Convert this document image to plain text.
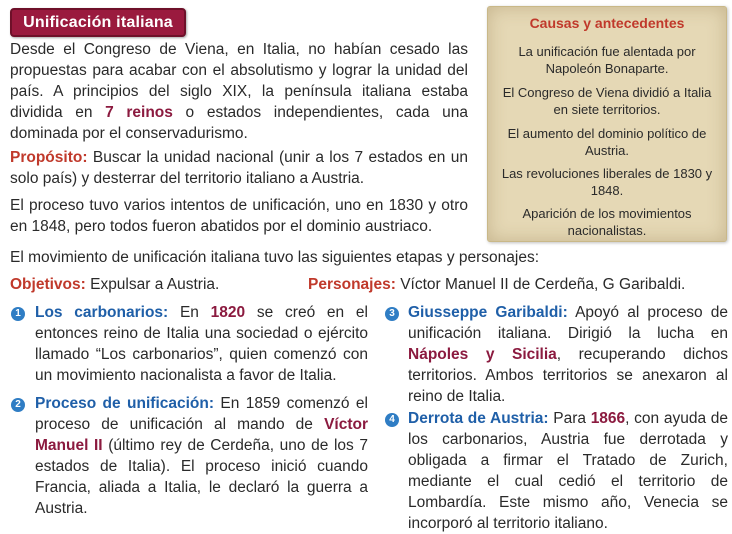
Unificación italiana
Desde el Congreso de Viena, en Italia, no habían cesado las propuestas para acabar con el absolutismo y lograr la unidad del país. A principios del siglo XIX, la península italiana estaba dividida en 7 reinos o estados independientes, cada una dominada por el conservadurismo.
Propósito: Buscar la unidad nacional (unir a los 7 estados en un solo país) y desterrar del territorio italiano a Austria.
El proceso tuvo varios intentos de unificación, uno en 1830 y otro en 1848, pero todos fueron abatidos por el dominio austriaco.
Causas y antecedentes
La unificación fue alentada por Napoleón Bonaparte.
El Congreso de Viena dividió a Italia en siete territorios.
El aumento del dominio político de Austria.
Las revoluciones liberales de 1830 y 1848.
Aparición de los movimientos nacionalistas.
El movimiento de unificación italiana tuvo las siguientes etapas y personajes:
Objetivos: Expulsar a Austria.	Personajes: Víctor Manuel II de Cerdeña, G Garibaldi.
1 Los carbonarios: En 1820 se creó en el entonces reino de Italia una sociedad o ejército llamado “Los carbonarios”, quien comenzó con un movimiento nacionalista a favor de Italia.
2 Proceso de unificación: En 1859 comenzó el proceso de unificación al mando de Víctor Manuel II (último rey de Cerdeña, uno de los 7 estados de Italia). El proceso inició cuando Francia, aliada a Italia, le declaró la guerra a Austria.
3 Giusseppe Garibaldi: Apoyó al proceso de unificación italiana. Dirigió la lucha en Nápoles y Sicilia, recuperando dichos territorios. Ambos territorios se anexaron al reino de Italia.
4 Derrota de Austria: Para 1866, con ayuda de los carbonarios, Austria fue derrotada y obligada a firmar el Tratado de Zurich, mediante el cual cedió el territorio de Lombardía. Este mismo año, Venecia se incorporó al territorio italiano.
